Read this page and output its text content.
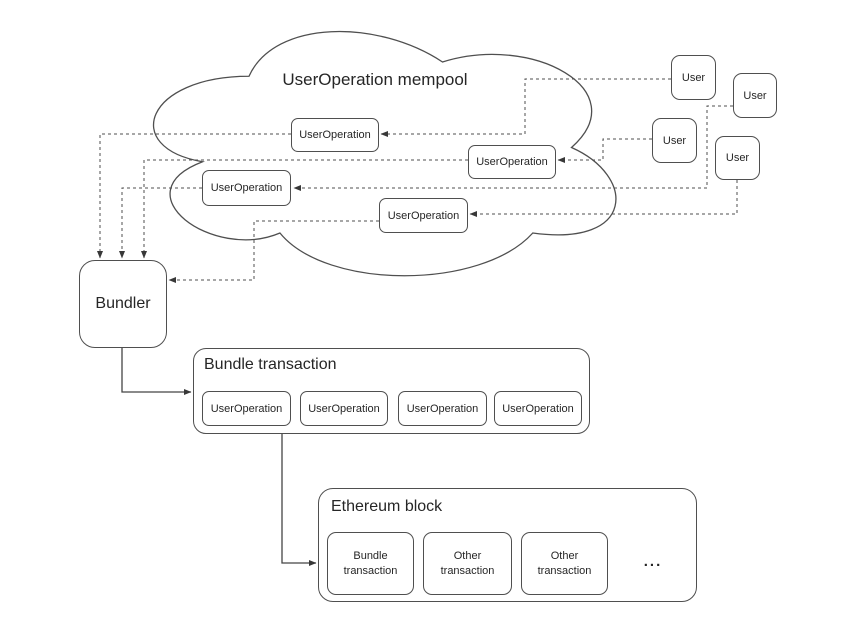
UserOperation mempool
UserOperation
UserOperation
UserOperation
UserOperation
User
User
User
User
Bundler
Bundle transaction
UserOperation	UserOperation	UserOperation	UserOperation
Ethereum block
Bundle transaction
Other transaction
Other transaction
...
